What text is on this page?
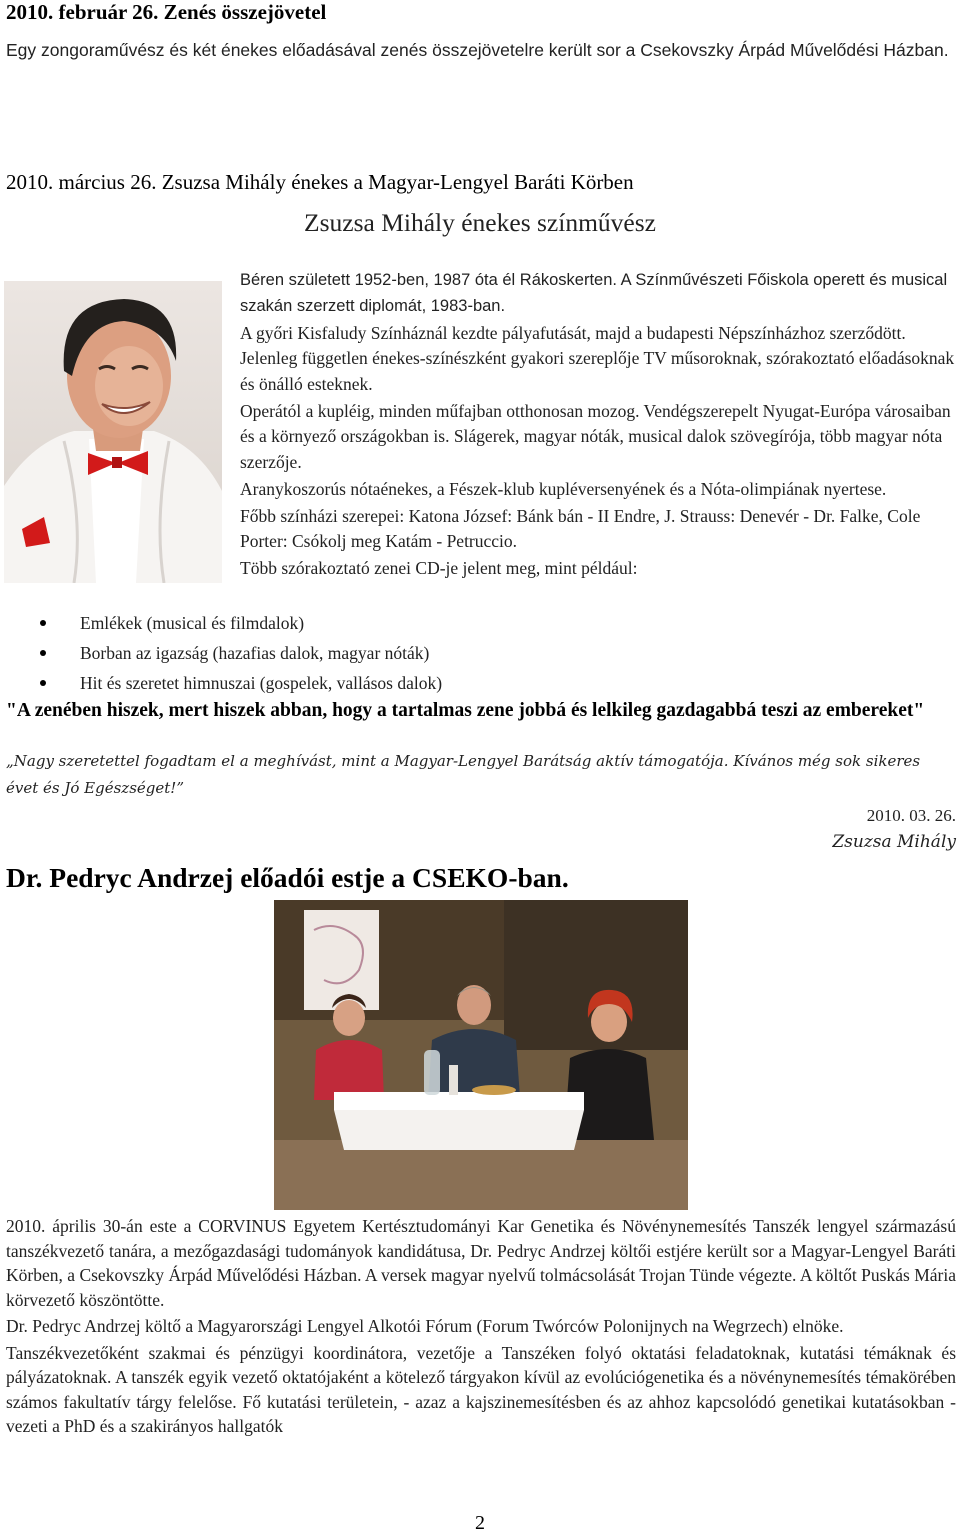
2010. február 26. Zenés összejövetel
Egy zongoraművész és két énekes előadásával zenés összejövetelre került sor a Csekovszky Árpád Művelődési Házban.
2010. március 26. Zsuzsa Mihály énekes a Magyar-Lengyel Baráti Körben
Zsuzsa Mihály énekes színművész

Béren született 1952-ben, 1987 óta él Rákoskerten. A Színművészeti Főiskola operett és musical szakán szerzett diplomát, 1983-ban.

A győri Kisfaludy Színháznál kezdte pályafutását, majd a budapesti Népszínházhoz szerződött. Jelenleg független énekes-színészként gyakori szereplője TV műsoroknak, szórakoztató előadásoknak és önálló esteknek.

Operától a kupléig, minden műfajban otthonosan mozog. Vendégszerepelt Nyugat-Európa városaiban és a környező országokban is. Slágerek, magyar nóták, musical dalok szövegírója, több magyar nóta szerzője.

Aranykoszorús nótaénekes, a Fészek-klub kupléversenyének és a Nóta-olimpiának nyertese.

Főbb színházi szerepei: Katona József: Bánk bán - II Endre, J. Strauss: Denevér - Dr. Falke, Cole Porter: Csókolj meg Katám - Petruccio.

Több szórakoztató zenei CD-je jelent meg, mint például:

Emlékek (musical és filmdalok)
Borban az igazság (hazafias dalok, magyar nóták)
Hit és szeretet himnuszai (gospelek, vallásos dalok)
"A zenében hiszek, mert hiszek abban, hogy a tartalmas zene jobbá és lelkileg gazdagabbá teszi az embereket"
„Nagy szeretettel fogadtam el a meghívást, mint a Magyar-Lengyel Barátság aktív támogatója. Kívános még sok sikeres évet és Jó Egészséget!”
2010. 03. 26.
Zsuzsa Mihály
Dr. Pedryc Andrzej előadói estje a CSEKO-ban.

2010. április 30-án este a CORVINUS Egyetem Kertésztudományi Kar Genetika és Növénynemesítés Tanszék lengyel származású tanszékvezető tanára, a mezőgazdasági tudományok kandidátusa, Dr. Pedryc Andrzej költői estjére került sor a Magyar-Lengyel Baráti Körben, a Csekovszky Árpád Művelődési Házban. A versek magyar nyelvű tolmácsolását Trojan Tünde végezte. A költőt Puskás Mária körvezető köszöntötte.

Dr. Pedryc Andrzej költő a Magyarországi Lengyel Alkotói Fórum (Forum Twórców Polonijnych na Wegrzech) elnöke.

Tanszékvezetőként szakmai és pénzügyi koordinátora, vezetője a Tanszéken folyó oktatási feladatoknak, kutatási témáknak és pályázatoknak. A tanszék egyik vezető oktatójaként a kötelező tárgyakon kívül az evolúciógenetika és a növénynemesítés témakörében számos fakultatív tárgy felelőse. Fő kutatási területein, - azaz a kajszinemesítésben és az ahhoz kapcsolódó genetikai kutatásokban - vezeti a PhD és a szakirányos hallgatók

2
